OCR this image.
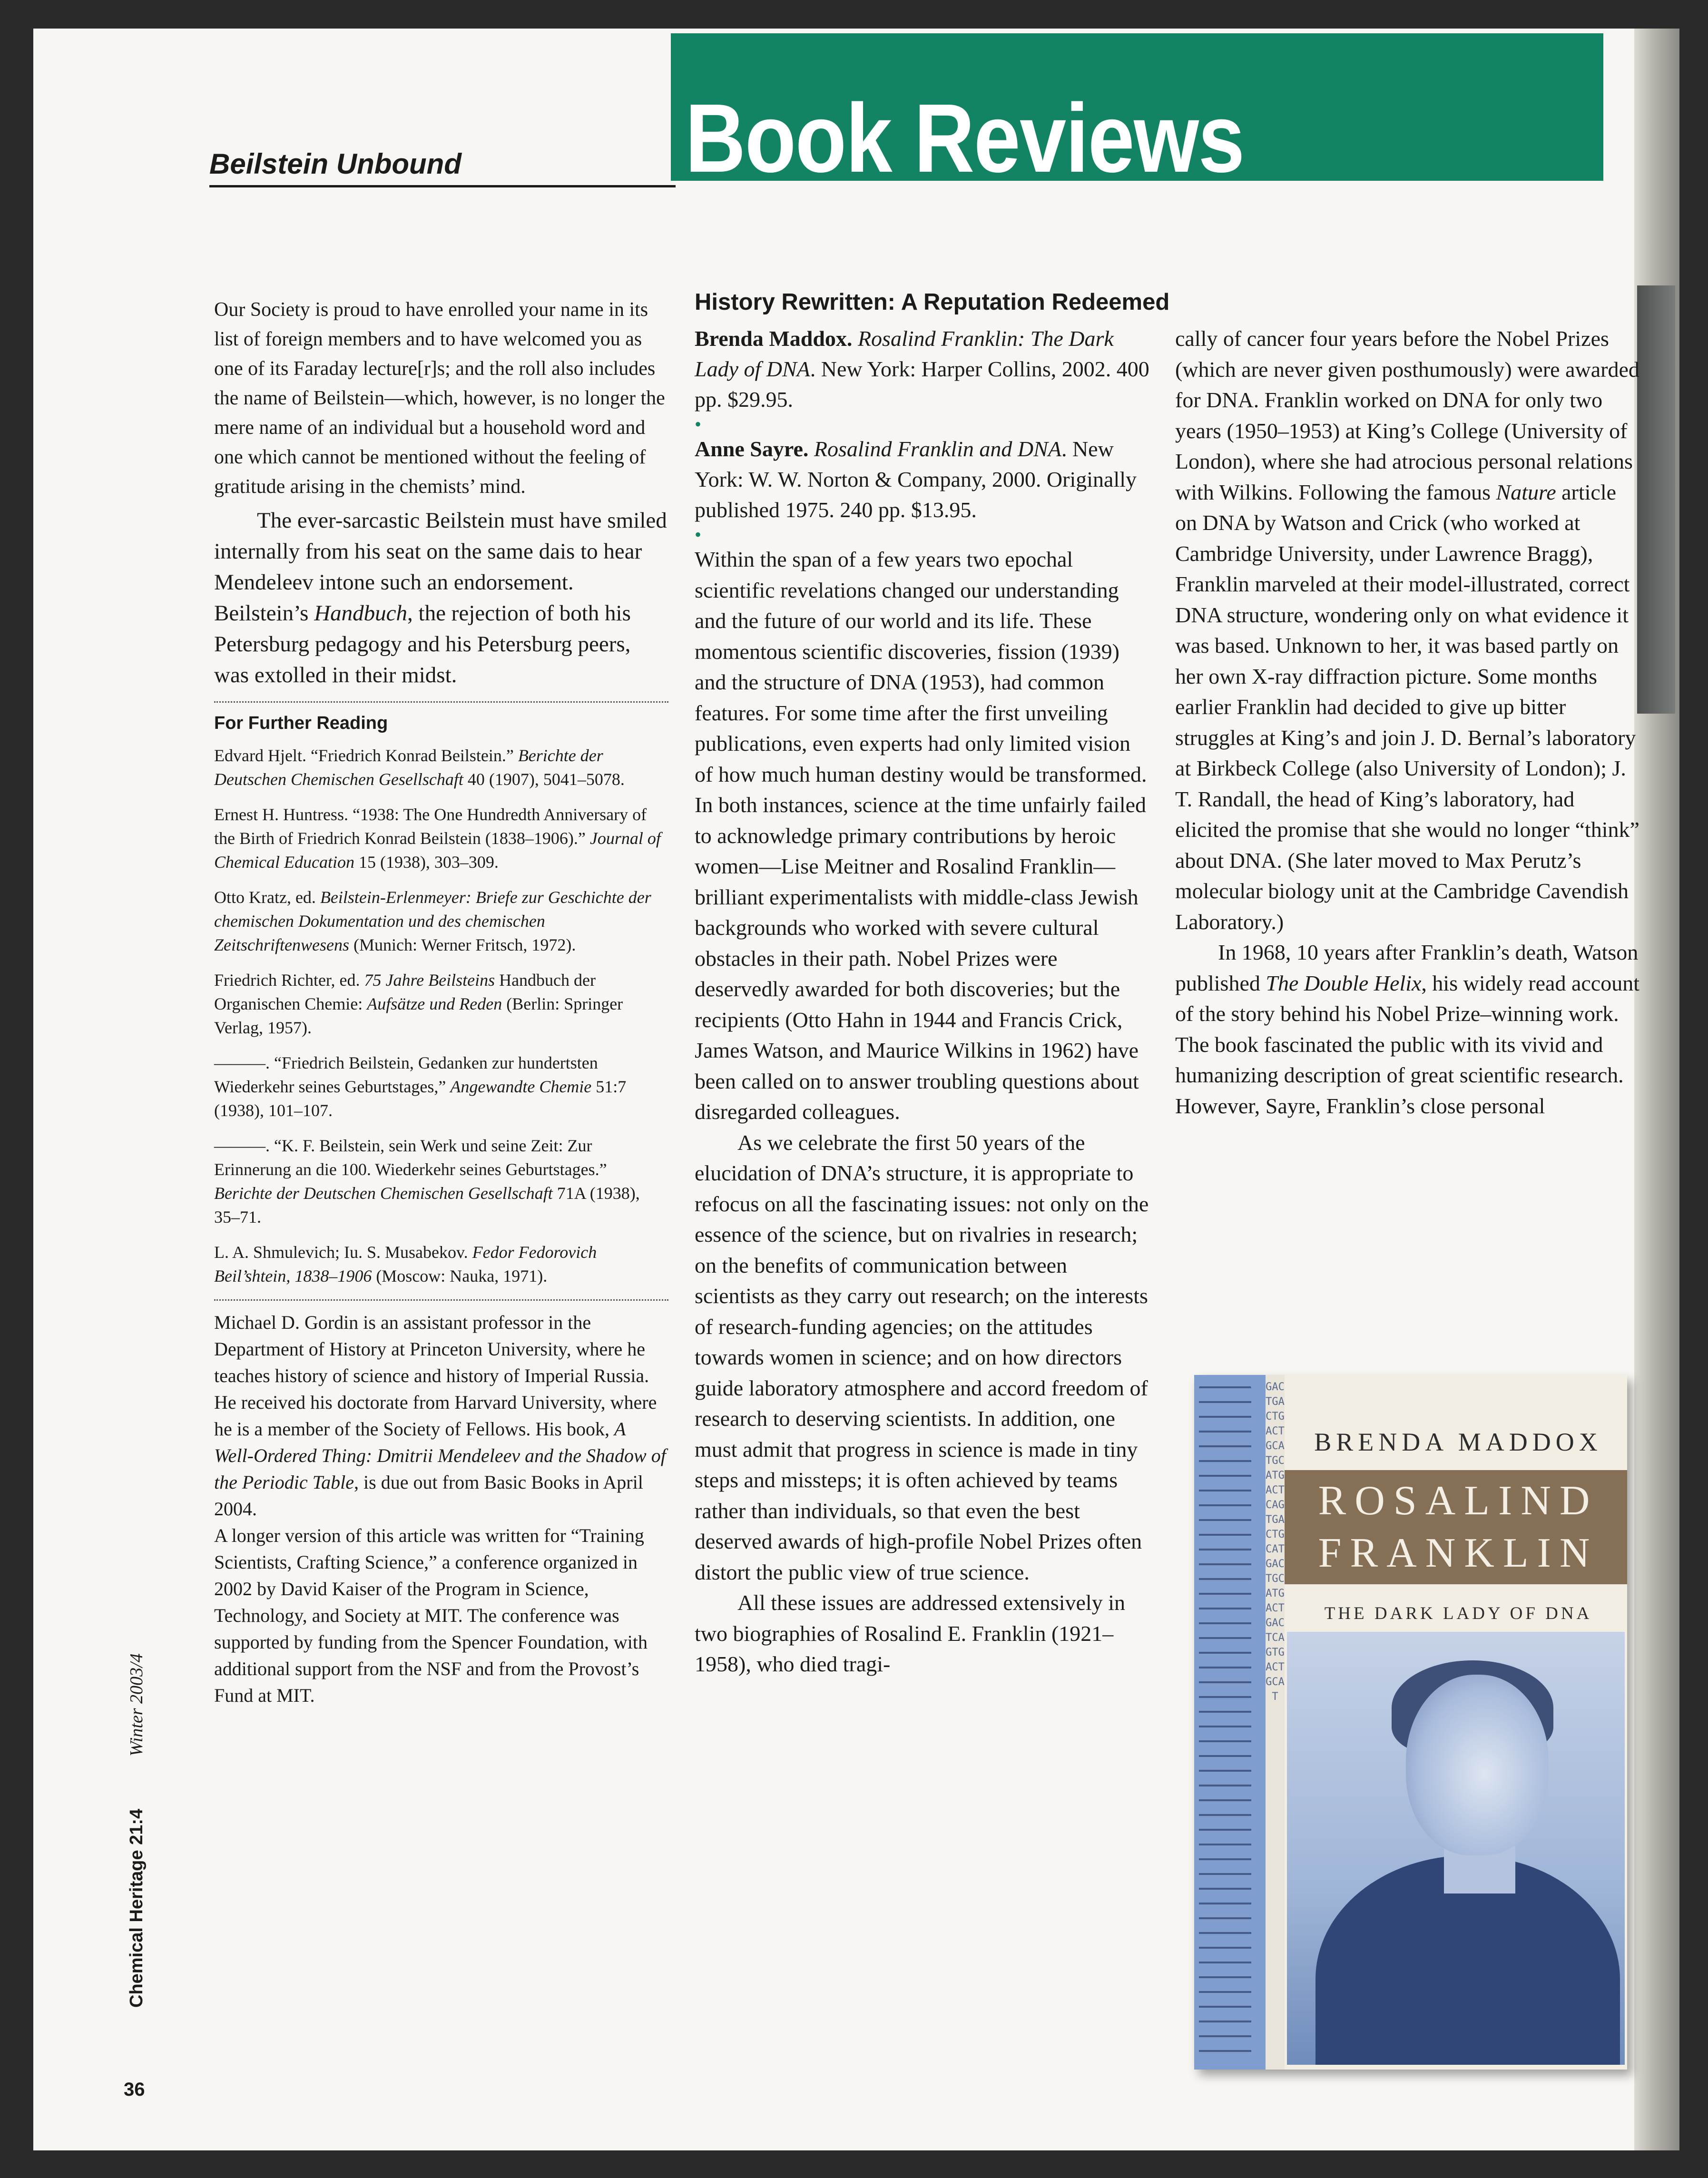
Beilstein Unbound	Book Reviews

Our Society is proud to have enrolled your name in its list of foreign members and to have welcomed you as one of its Faraday lecture[r]s; and the roll also includes the name of Beilstein—which, however, is no longer the mere name of an individual but a household word and one which cannot be mentioned without the feeling of gratitude arising in the chemists’ mind.

The ever-sarcastic Beilstein must have smiled internally from his seat on the same dais to hear Mendeleev intone such an endorsement. Beilstein’s Handbuch, the rejection of both his Petersburg pedagogy and his Petersburg peers, was extolled in their midst.

For Further Reading
Edvard Hjelt. “Friedrich Konrad Beilstein.” Berichte der Deutschen Chemischen Gesellschaft 40 (1907), 5041–5078.
Ernest H. Huntress. “1938: The One Hundredth Anniversary of the Birth of Friedrich Konrad Beilstein (1838–1906).” Journal of Chemical Education 15 (1938), 303–309.
Otto Kratz, ed. Beilstein-Erlenmeyer: Briefe zur Geschichte der chemischen Dokumentation und des chemischen Zeitschriftenwesens (Munich: Werner Fritsch, 1972).
Friedrich Richter, ed. 75 Jahre Beilsteins Handbuch der Organischen Chemie: Aufsätze und Reden (Berlin: Springer Verlag, 1957).
———. “Friedrich Beilstein, Gedanken zur hundertsten Wiederkehr seines Geburtstages,” Angewandte Chemie 51:7 (1938), 101–107.
———. “K. F. Beilstein, sein Werk und seine Zeit: Zur Erinnerung an die 100. Wiederkehr seines Geburtstages.” Berichte der Deutschen Chemischen Gesellschaft 71A (1938), 35–71.
L. A. Shmulevich; Iu. S. Musabekov. Fedor Fedorovich Beil’shtein, 1838–1906 (Moscow: Nauka, 1971).

Michael D. Gordin is an assistant professor in the Department of History at Princeton University, where he teaches history of science and history of Imperial Russia. He received his doctorate from Harvard University, where he is a member of the Society of Fellows. His book, A Well-Ordered Thing: Dmitrii Mendeleev and the Shadow of the Periodic Table, is due out from Basic Books in April 2004.

A longer version of this article was written for “Training Scientists, Crafting Science,” a conference organized in 2002 by David Kaiser of the Program in Science, Technology, and Society at MIT. The conference was supported by funding from the Spencer Foundation, with additional support from the NSF and from the Provost’s Fund at MIT.

History Rewritten: A Reputation Redeemed

Brenda Maddox. Rosalind Franklin: The Dark Lady of DNA. New York: Harper Collins, 2002. 400 pp. $29.95.

•

Anne Sayre. Rosalind Franklin and DNA. New York: W. W. Norton & Company, 2000. Originally published 1975. 240 pp. $13.95.

•

Within the span of a few years two epochal scientific revelations changed our understanding and the future of our world and its life. These momentous scientific discoveries, fission (1939) and the structure of DNA (1953), had common features. For some time after the first unveiling publications, even experts had only limited vision of how much human destiny would be transformed. In both instances, science at the time unfairly failed to acknowledge primary contributions by heroic women—Lise Meitner and Rosalind Franklin—brilliant experimentalists with middle-class Jewish backgrounds who worked with severe cultural obstacles in their path. Nobel Prizes were deservedly awarded for both discoveries; but the recipients (Otto Hahn in 1944 and Francis Crick, James Watson, and Maurice Wilkins in 1962) have been called on to answer troubling questions about disregarded colleagues.

As we celebrate the first 50 years of the elucidation of DNA’s structure, it is appropriate to refocus on all the fascinating issues: not only on the essence of the science, but on rivalries in research; on the benefits of communication between scientists as they carry out research; on the interests of research-funding agencies; on the attitudes towards women in science; and on how directors guide laboratory atmosphere and accord freedom of research to deserving scientists. In addition, one must admit that progress in science is made in tiny steps and missteps; it is often achieved by teams rather than individuals, so that even the best deserved awards of high-profile Nobel Prizes often distort the public view of true science.

All these issues are addressed extensively in two biographies of Rosalind E. Franklin (1921–1958), who died tragi-

cally of cancer four years before the Nobel Prizes (which are never given posthumously) were awarded for DNA. Franklin worked on DNA for only two years (1950–1953) at King’s College (University of London), where she had atrocious personal relations with Wilkins. Following the famous Nature article on DNA by Watson and Crick (who worked at Cambridge University, under Lawrence Bragg), Franklin marveled at their model-illustrated, correct DNA structure, wondering only on what evidence it was based. Unknown to her, it was based partly on her own X-ray diffraction picture. Some months earlier Franklin had decided to give up bitter struggles at King’s and join J. D. Bernal’s laboratory at Birkbeck College (also University of London); J. T. Randall, the head of King’s laboratory, had elicited the promise that she would no longer “think” about DNA. (She later moved to Max Perutz’s molecular biology unit at the Cambridge Cavendish Laboratory.)

In 1968, 10 years after Franklin’s death, Watson published The Double Helix, his widely read account of the story behind his Nobel Prize–winning work. The book fascinated the public with its vivid and humanizing description of great scientific research. However, Sayre, Franklin’s close personal

GACTGACTGACTGCATGCATGACTCAGTGACTGCATGACTGCATGACTGACTCAGTGACTGCAT
BRENDA MADDOX
ROSALIND
FRANKLIN
THE DARK LADY OF DNA
Chemical Heritage 21:4Winter 2003/4
36
